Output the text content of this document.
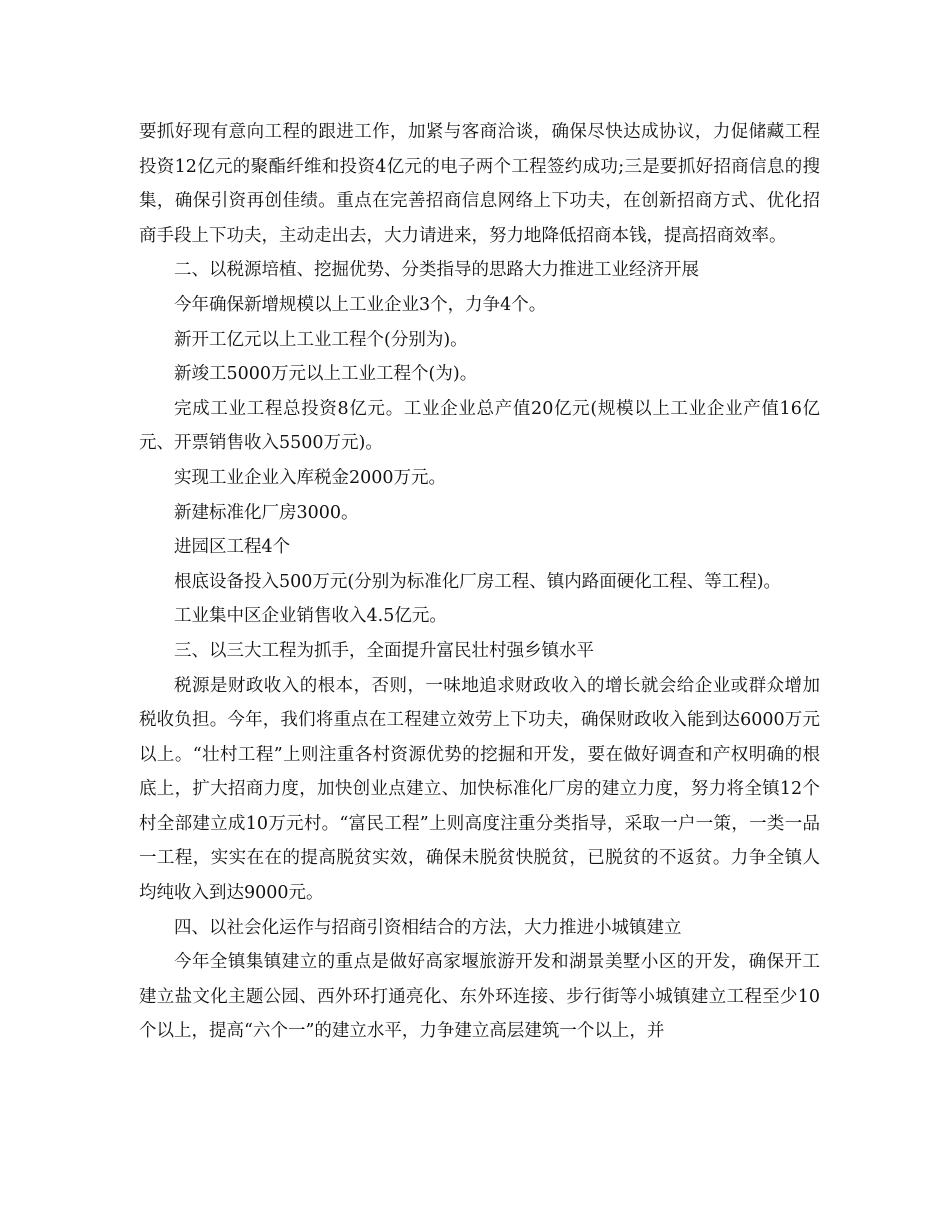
要抓好现有意向工程的跟进工作，加紧与客商洽谈，确保尽快达成协议，力促储藏工程投资12亿元的聚酯纤维和投资4亿元的电子两个工程签约成功;三是要抓好招商信息的搜集，确保引资再创佳绩。重点在完善招商信息网络上下功夫，在创新招商方式、优化招商手段上下功夫，主动走出去，大力请进来，努力地降低招商本钱，提高招商效率。

二、以税源培植、挖掘优势、分类指导的思路大力推进工业经济开展

今年确保新增规模以上工业企业3个，力争4个。

新开工亿元以上工业工程个(分别为)。

新竣工5000万元以上工业工程个(为)。

完成工业工程总投资8亿元。工业企业总产值20亿元(规模以上工业企业产值16亿元、开票销售收入5500万元)。

实现工业企业入库税金2000万元。

新建标准化厂房3000。

进园区工程4个

根底设备投入500万元(分别为标准化厂房工程、镇内路面硬化工程、等工程)。

工业集中区企业销售收入4.5亿元。

三、以三大工程为抓手，全面提升富民壮村强乡镇水平

税源是财政收入的根本，否则，一味地追求财政收入的增长就会给企业或群众增加税收负担。今年，我们将重点在工程建立效劳上下功夫，确保财政收入能到达6000万元以上。“壮村工程”上则注重各村资源优势的挖掘和开发，要在做好调查和产权明确的根底上，扩大招商力度，加快创业点建立、加快标准化厂房的建立力度，努力将全镇12个村全部建立成10万元村。“富民工程”上则高度注重分类指导，采取一户一策，一类一品一工程，实实在在的提高脱贫实效，确保未脱贫快脱贫，已脱贫的不返贫。力争全镇人均纯收入到达9000元。

四、以社会化运作与招商引资相结合的方法，大力推进小城镇建立

今年全镇集镇建立的重点是做好高家堰旅游开发和湖景美墅小区的开发，确保开工建立盐文化主题公园、西外环打通亮化、东外环连接、步行街等小城镇建立工程至少10个以上，提高“六个一”的建立水平，力争建立高层建筑一个以上，并
